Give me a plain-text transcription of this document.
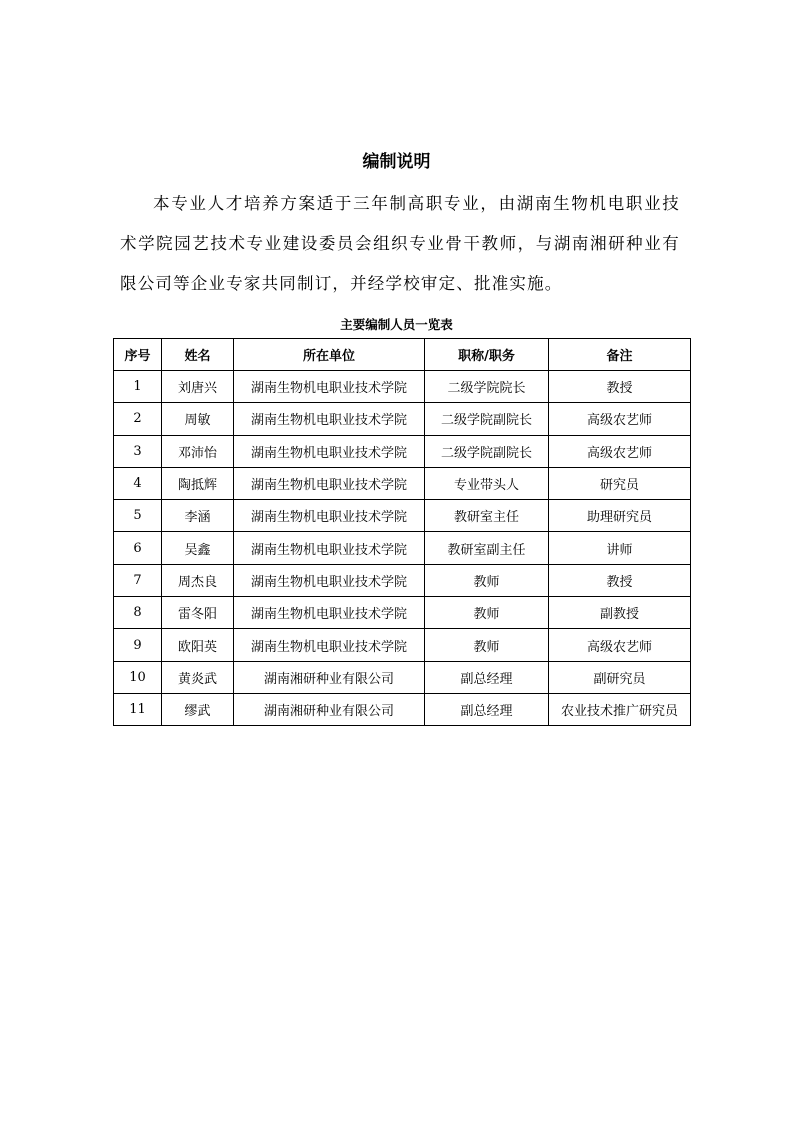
编制说明

本专业人才培养方案适于三年制高职专业，由湖南生物机电职业技术学院园艺技术专业建设委员会组织专业骨干教师，与湖南湘研种业有限公司等企业专家共同制订，并经学校审定、批准实施。

主要编制人员一览表
序号	姓名	所在单位	职称/职务	备注
1	刘唐兴	湖南生物机电职业技术学院	二级学院院长	教授
2	周敏	湖南生物机电职业技术学院	二级学院副院长	高级农艺师
3	邓沛怡	湖南生物机电职业技术学院	二级学院副院长	高级农艺师
4	陶抵辉	湖南生物机电职业技术学院	专业带头人	研究员
5	李涵	湖南生物机电职业技术学院	教研室主任	助理研究员
6	吴鑫	湖南生物机电职业技术学院	教研室副主任	讲师
7	周杰良	湖南生物机电职业技术学院	教师	教授
8	雷冬阳	湖南生物机电职业技术学院	教师	副教授
9	欧阳英	湖南生物机电职业技术学院	教师	高级农艺师
10	黄炎武	湖南湘研种业有限公司	副总经理	副研究员
11	缪武	湖南湘研种业有限公司	副总经理	农业技术推广研究员
